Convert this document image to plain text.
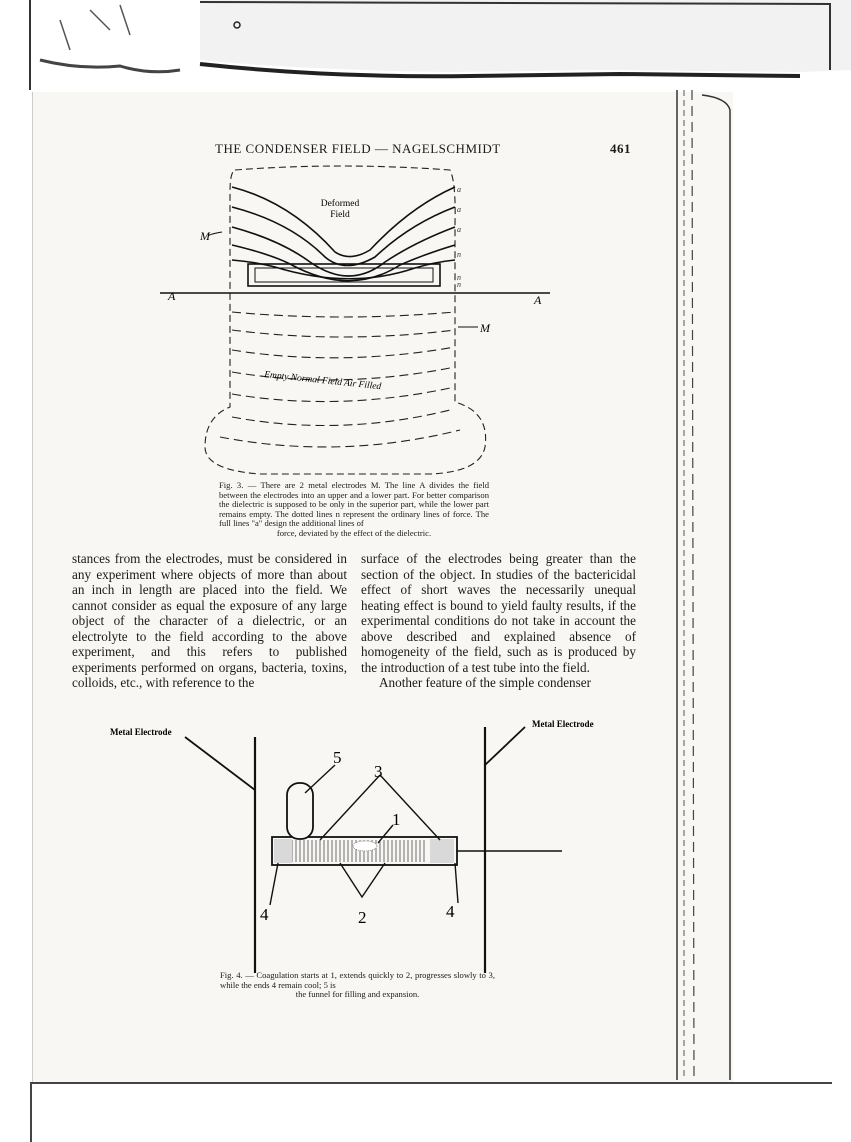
THE CONDENSER FIELD — NAGELSCHMIDT	461
A	A
M
M
a
a
a
n
n
n
Deformed
Field
Empty Normal Field Air Filled
Fig. 3. — There are 2 metal electrodes M. The line A divides the field between the electrodes into an upper and a lower part. For better comparison the dielectric is supposed to be only in the superior part, while the lower part remains empty. The dotted lines n represent the ordinary lines of force. The full lines "a" design the additional lines of
force, deviated by the effect of the dielectric.

stances from the electrodes, must be considered in any experiment where objects of more than about an inch in length are placed into the field. We cannot consider as equal the exposure of any large object of the character of a dielectric, or an electrolyte to the field according to the above experiment, and this refers to published experiments performed on organs, bacteria, toxins, colloids, etc., with reference to the

surface of the electrodes being greater than the section of the object. In studies of the bactericidal effect of short waves the necessarily unequal heating effect is bound to yield faulty results, if the experimental conditions do not take in account the above described and explained absence of homogeneity of the field, such as is produced by the introduction of a test tube into the field.

Another feature of the simple condenser

Metal Electrode
Metal Electrode
5
3
1
2
4	4
Fig. 4. — Coagulation starts at 1, extends quickly to 2, progresses slowly to 3, while the ends 4 remain cool; 5 is
the funnel for filling and expansion.
